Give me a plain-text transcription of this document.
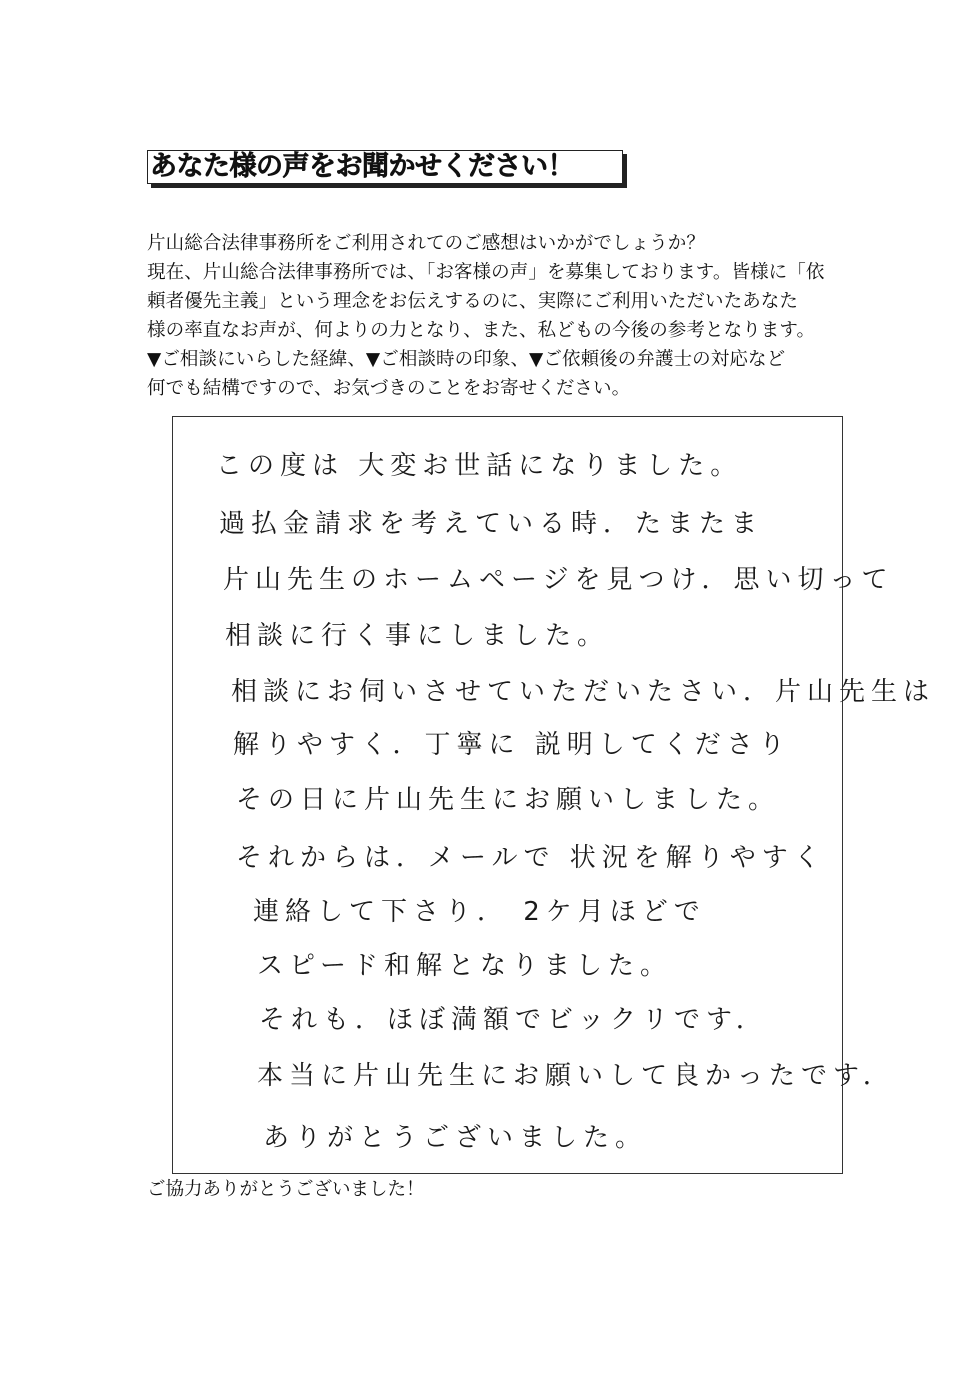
あなた様の声をお聞かせください！
片山総合法律事務所をご利用されてのご感想はいかがでしょうか？
現在、片山総合法律事務所では、「お客様の声」を募集しております。皆様に「依
頼者優先主義」という理念をお伝えするのに、実際にご利用いただいたあなた
様の率直なお声が、何よりの力となり、また、私どもの今後の参考となります。
▼ご相談にいらした経緯、▼ご相談時の印象、▼ご依頼後の弁護士の対応など
何でも結構ですので、お気づきのことをお寄せください。
この度は 大変お世話になりました。
過払金請求を考えている時．たまたま
片山先生のホームページを見つけ．思い切って
相談に行く事にしました。
相談にお伺いさせていただいたさい．片山先生は
解りやすく．丁寧に 説明してくださり
その日に片山先生にお願いしました。
それからは．メールで 状況を解りやすく
連絡して下さり． 2ケ月ほどで
スピード和解となりました。
それも．ほぼ満額でビックリです．
本当に片山先生にお願いして良かったです．
ありがとうございました。
ご協力ありがとうございました！
